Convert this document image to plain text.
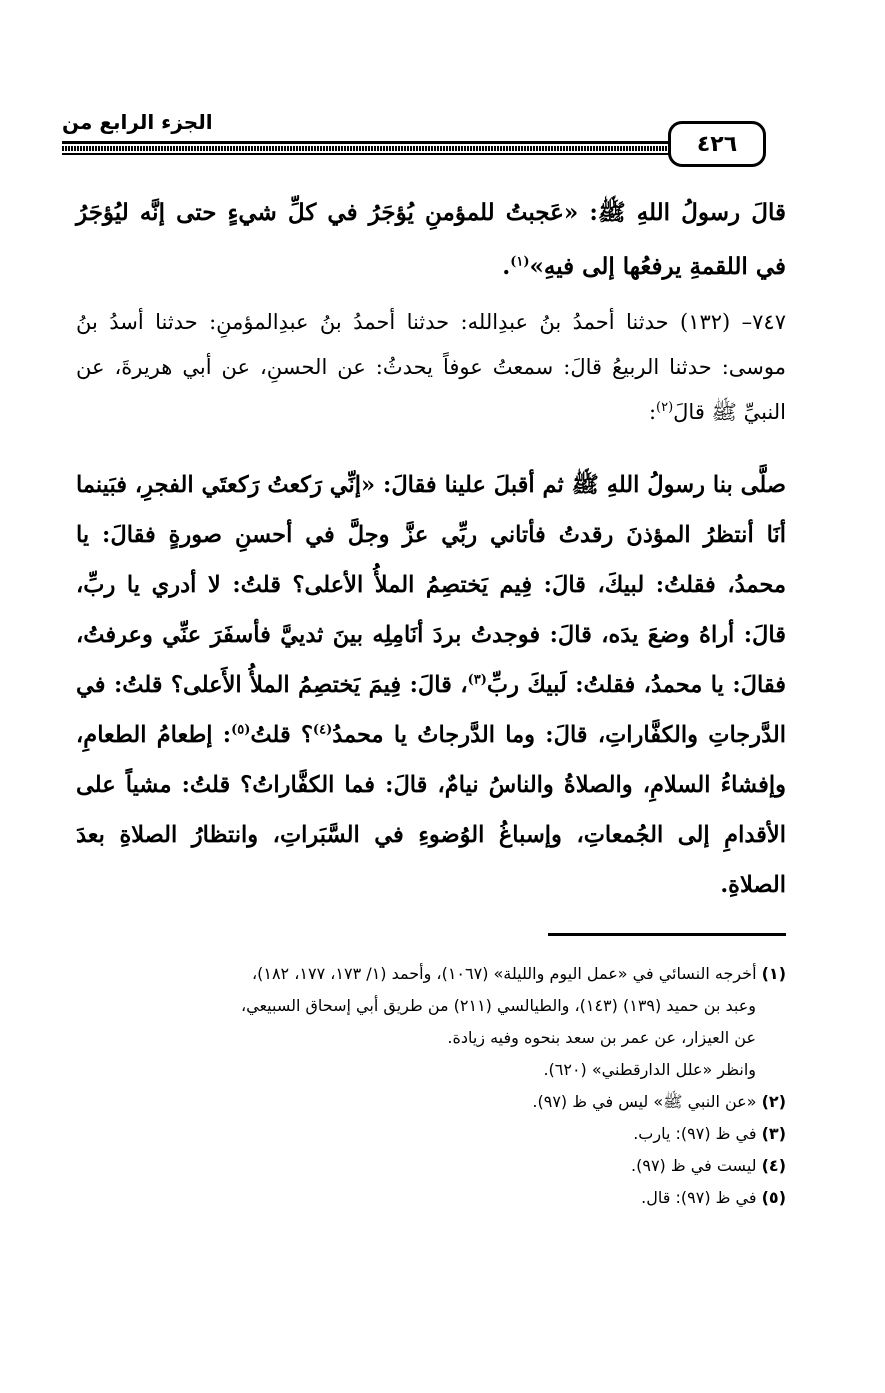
الجزء الرابع من
٤٢٦

قالَ رسولُ اللهِ ﷺ: «عَجبتُ للمؤمنِ يُؤجَرُ في كلِّ شيءٍ حتى إنَّه ليُؤجَرُ في اللقمةِ يرفعُها إلى فيهِ»$^{(١)}$.

٧٤٧– (١٣٢) حدثنا أحمدُ بنُ عبدِالله: حدثنا أحمدُ بنُ عبدِالمؤمنِ: حدثنا أسدُ بنُ موسى: حدثنا الربيعُ قالَ: سمعتُ عوفاً يحدثُ: عن الحسنِ، عن أبي هريرةَ، عن النبيِّ ﷺ قالَ$^{(٢)}$:

صلَّى بنا رسولُ اللهِ ﷺ ثم أقبلَ علينا فقالَ: «إنِّي رَكعتُ رَكعتَي الفجرِ، فبَينما أنَا أنتظرُ المؤذنَ رقدتُ فأتاني ربِّي عزَّ وجلَّ في أحسنِ صورةٍ فقالَ: يا محمدُ، فقلتُ: لبيكَ، قالَ: فِيم يَختصِمُ الملأُ الأعلى؟ قلتُ: لا أدري يا ربِّ، قالَ: أراهُ وضعَ يدَه، قالَ: فوجدتُ بردَ أنَامِلِه بينَ ثدييَّ فأسفَرَ عنِّي وعرفتُ، فقالَ: يا محمدُ، فقلتُ: لَبيكَ ربِّ$^{(٣)}$، قالَ: فِيمَ يَختصِمُ الملأُ الأَعلى؟ قلتُ: في الدَّرجاتِ والكفَّاراتِ، قالَ: وما الدَّرجاتُ يا محمدُ$^{(٤)}$؟ قلتُ$^{(٥)}$: إطعامُ الطعامِ، وإفشاءُ السلامِ، والصلاةُ والناسُ نيامٌ، قالَ: فما الكفَّاراتُ؟ قلتُ: مشياً على الأقدامِ إلى الجُمعاتِ، وإسباغُ الوُضوءِ في السَّبَراتِ، وانتظارُ الصلاةِ بعدَ الصلاةِ.

(١) أخرجه النسائي في «عمل اليوم والليلة» (١٠٦٧)، وأحمد (١/ ١٧٣، ١٧٧، ١٨٢)،
وعبد بن حميد (١٣٩) (١٤٣)، والطيالسي (٢١١) من طريق أبي إسحاق السبيعي،
عن العيزار، عن عمر بن سعد بنحوه وفيه زيادة.
وانظر «علل الدارقطني» (٦٢٠).
(٢) «عن النبي ﷺ» ليس في ظ (٩٧).
(٣) في ظ (٩٧): يارب.
(٤) ليست في ظ (٩٧).
(٥) في ظ (٩٧): قال.
